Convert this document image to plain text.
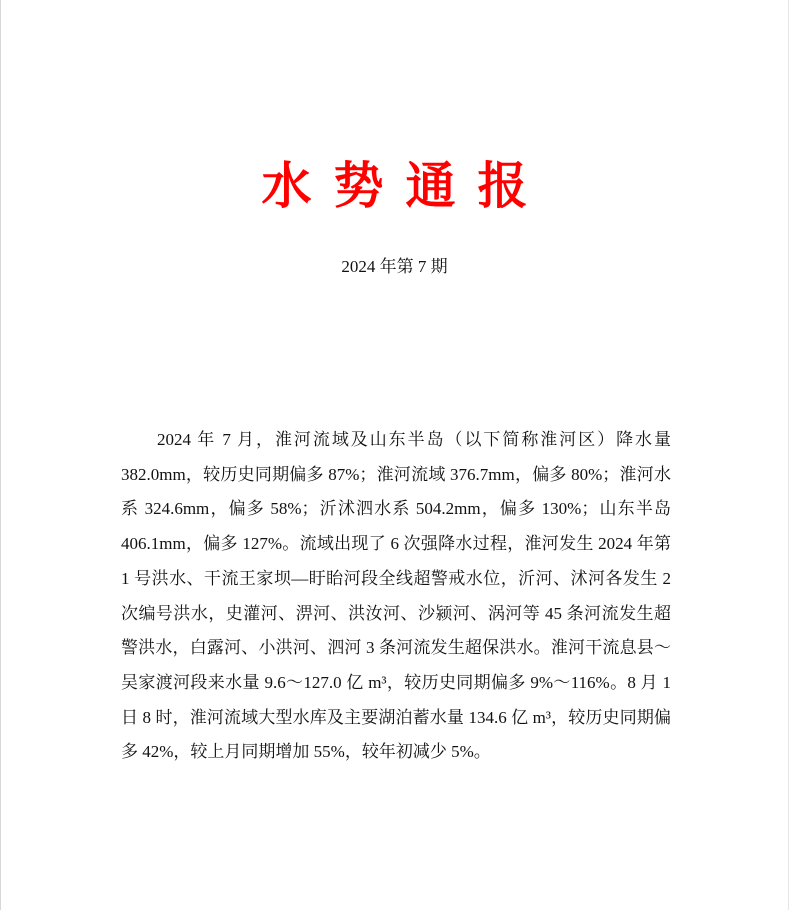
水势通报
2024 年第 7 期

2024 年 7 月，淮河流域及山东半岛（以下简称淮河区）降水量 382.0mm，较历史同期偏多 87%；淮河流域 376.7mm，偏多 80%；淮河水系 324.6mm，偏多 58%；沂沭泗水系 504.2mm，偏多 130%；山东半岛 406.1mm，偏多 127%。流域出现了 6 次强降水过程，淮河发生 2024 年第 1 号洪水、干流王家坝—盱眙河段全线超警戒水位，沂河、沭河各发生 2 次编号洪水，史灌河、淠河、洪汝河、沙颍河、涡河等 45 条河流发生超警洪水，白露河、小洪河、泗河 3 条河流发生超保洪水。淮河干流息县～吴家渡河段来水量 9.6～127.0 亿 m³，较历史同期偏多 9%～116%。8 月 1 日 8 时，淮河流域大型水库及主要湖泊蓄水量 134.6 亿 m³，较历史同期偏多 42%，较上月同期增加 55%，较年初减少 5%。
